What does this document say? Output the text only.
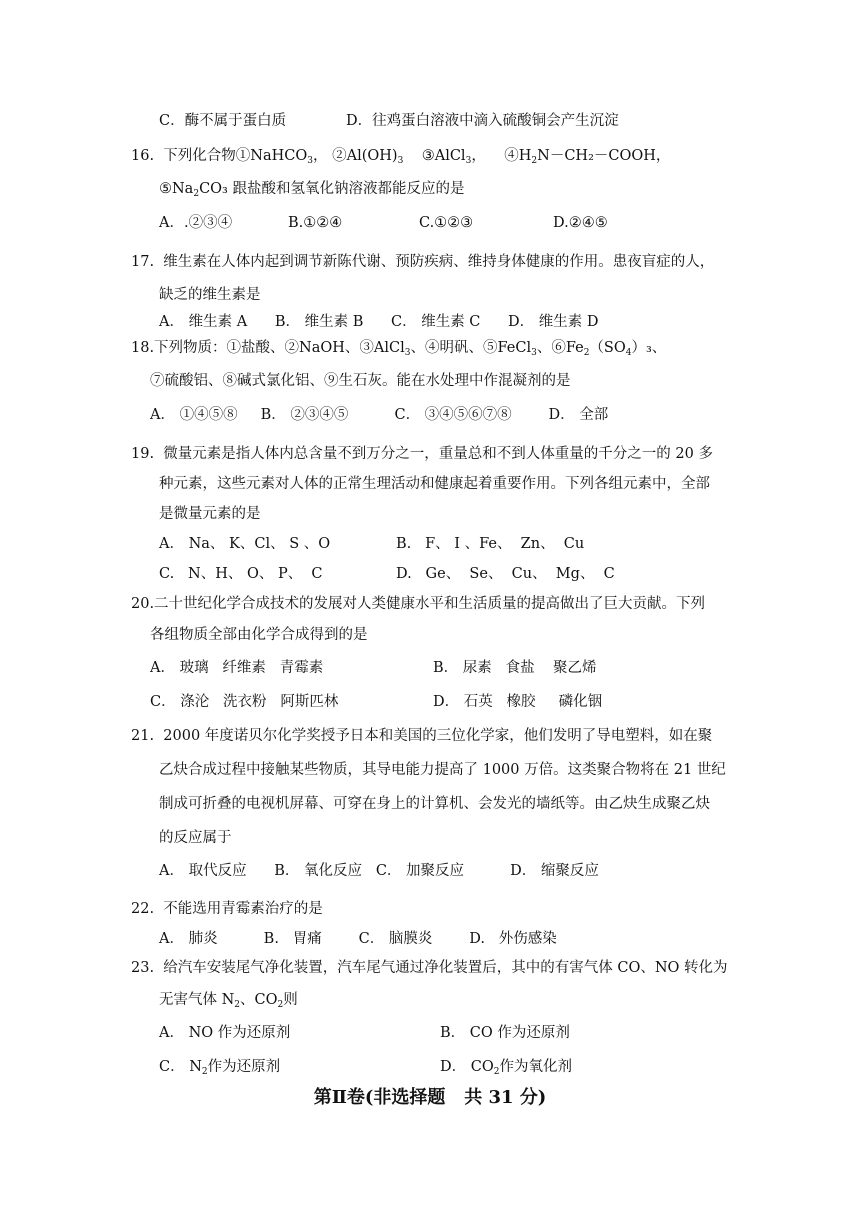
C．酶不属于蛋白质	D．往鸡蛋白溶液中滴入硫酸铜会产生沉淀
16.  下列化合物①NaHCO$_3$， $②Al(OH)_3$    ③AlCl$_3$，    $④H_2N-CH_2-COOH$，
$⑤Na_2CO_3$ 跟盐酸和氢氧化钠溶液都能反应的是
A．.②③④	B.①②④	C.①②③	D.②④⑤
17.  维生素在人体内起到调节新陈代谢、预防疾病、维持身体健康的作用。患夜盲症的人，
缺乏的维生素是
A． 维生素 A      B． 维生素 B      C． 维生素 C      D． 维生素 D
18.下列物质：①盐酸、②NaOH、③AlCl$_3$、④明矾、⑤FeCl$_3$、$⑥Fe_2(SO_4)_3$、
⑦硫酸铝、⑧碱式氯化铝、⑨生石灰。能在水处理中作混凝剂的是
A． ①④⑤⑧     B． ②③④⑤          C． ③④⑤⑥⑦⑧        D． 全部
19.  微量元素是指人体内总含量不到万分之一，重量总和不到人体重量的千分之一的 20 多
种元素，这些元素对人体的正常生理活动和健康起着重要作用。下列各组元素中，全部
是微量元素的是
A． Na、 K、Cl、 S 、O	B.   F、 I 、Fe、  Zn、  Cu
C.   N、H、 O、 P、  C	D.   Ge、  Se、  Cu、  Mg、  C
20.二十世纪化学合成技术的发展对人类健康水平和生活质量的提高做出了巨大贡献。下列
各组物质全部由化学合成得到的是
A． 玻璃   纤维素   青霉素	B． 尿素   食盐    聚乙烯
C． 涤沦   洗衣粉   阿斯匹林	D． 石英   橡胶     磷化铟
21.  2000 年度诺贝尔化学奖授予日本和美国的三位化学家，他们发明了导电塑料，如在聚
乙炔合成过程中接触某些物质，其导电能力提高了 1000 万倍。这类聚合物将在 21 世纪
制成可折叠的电视机屏幕、可穿在身上的计算机、会发光的墙纸等。由乙炔生成聚乙炔
的反应属于
A． 取代反应      B． 氧化反应   C． 加聚反应          D． 缩聚反应
22.  不能选用青霉素治疗的是
A． 肺炎          B.   胃痛        C． 脑膜炎        D.   外伤感染
23.  给汽车安装尾气净化装置，汽车尾气通过净化装置后，其中的有害气体 CO、NO 转化为
无害气体 $N_2$、$CO_2$则
A． NO 作为还原剂	B． CO 作为还原剂
C． $N_2$作为还原剂	D． $CO_2$作为氧化剂
第Ⅱ卷(非选择题   共 31 分)
